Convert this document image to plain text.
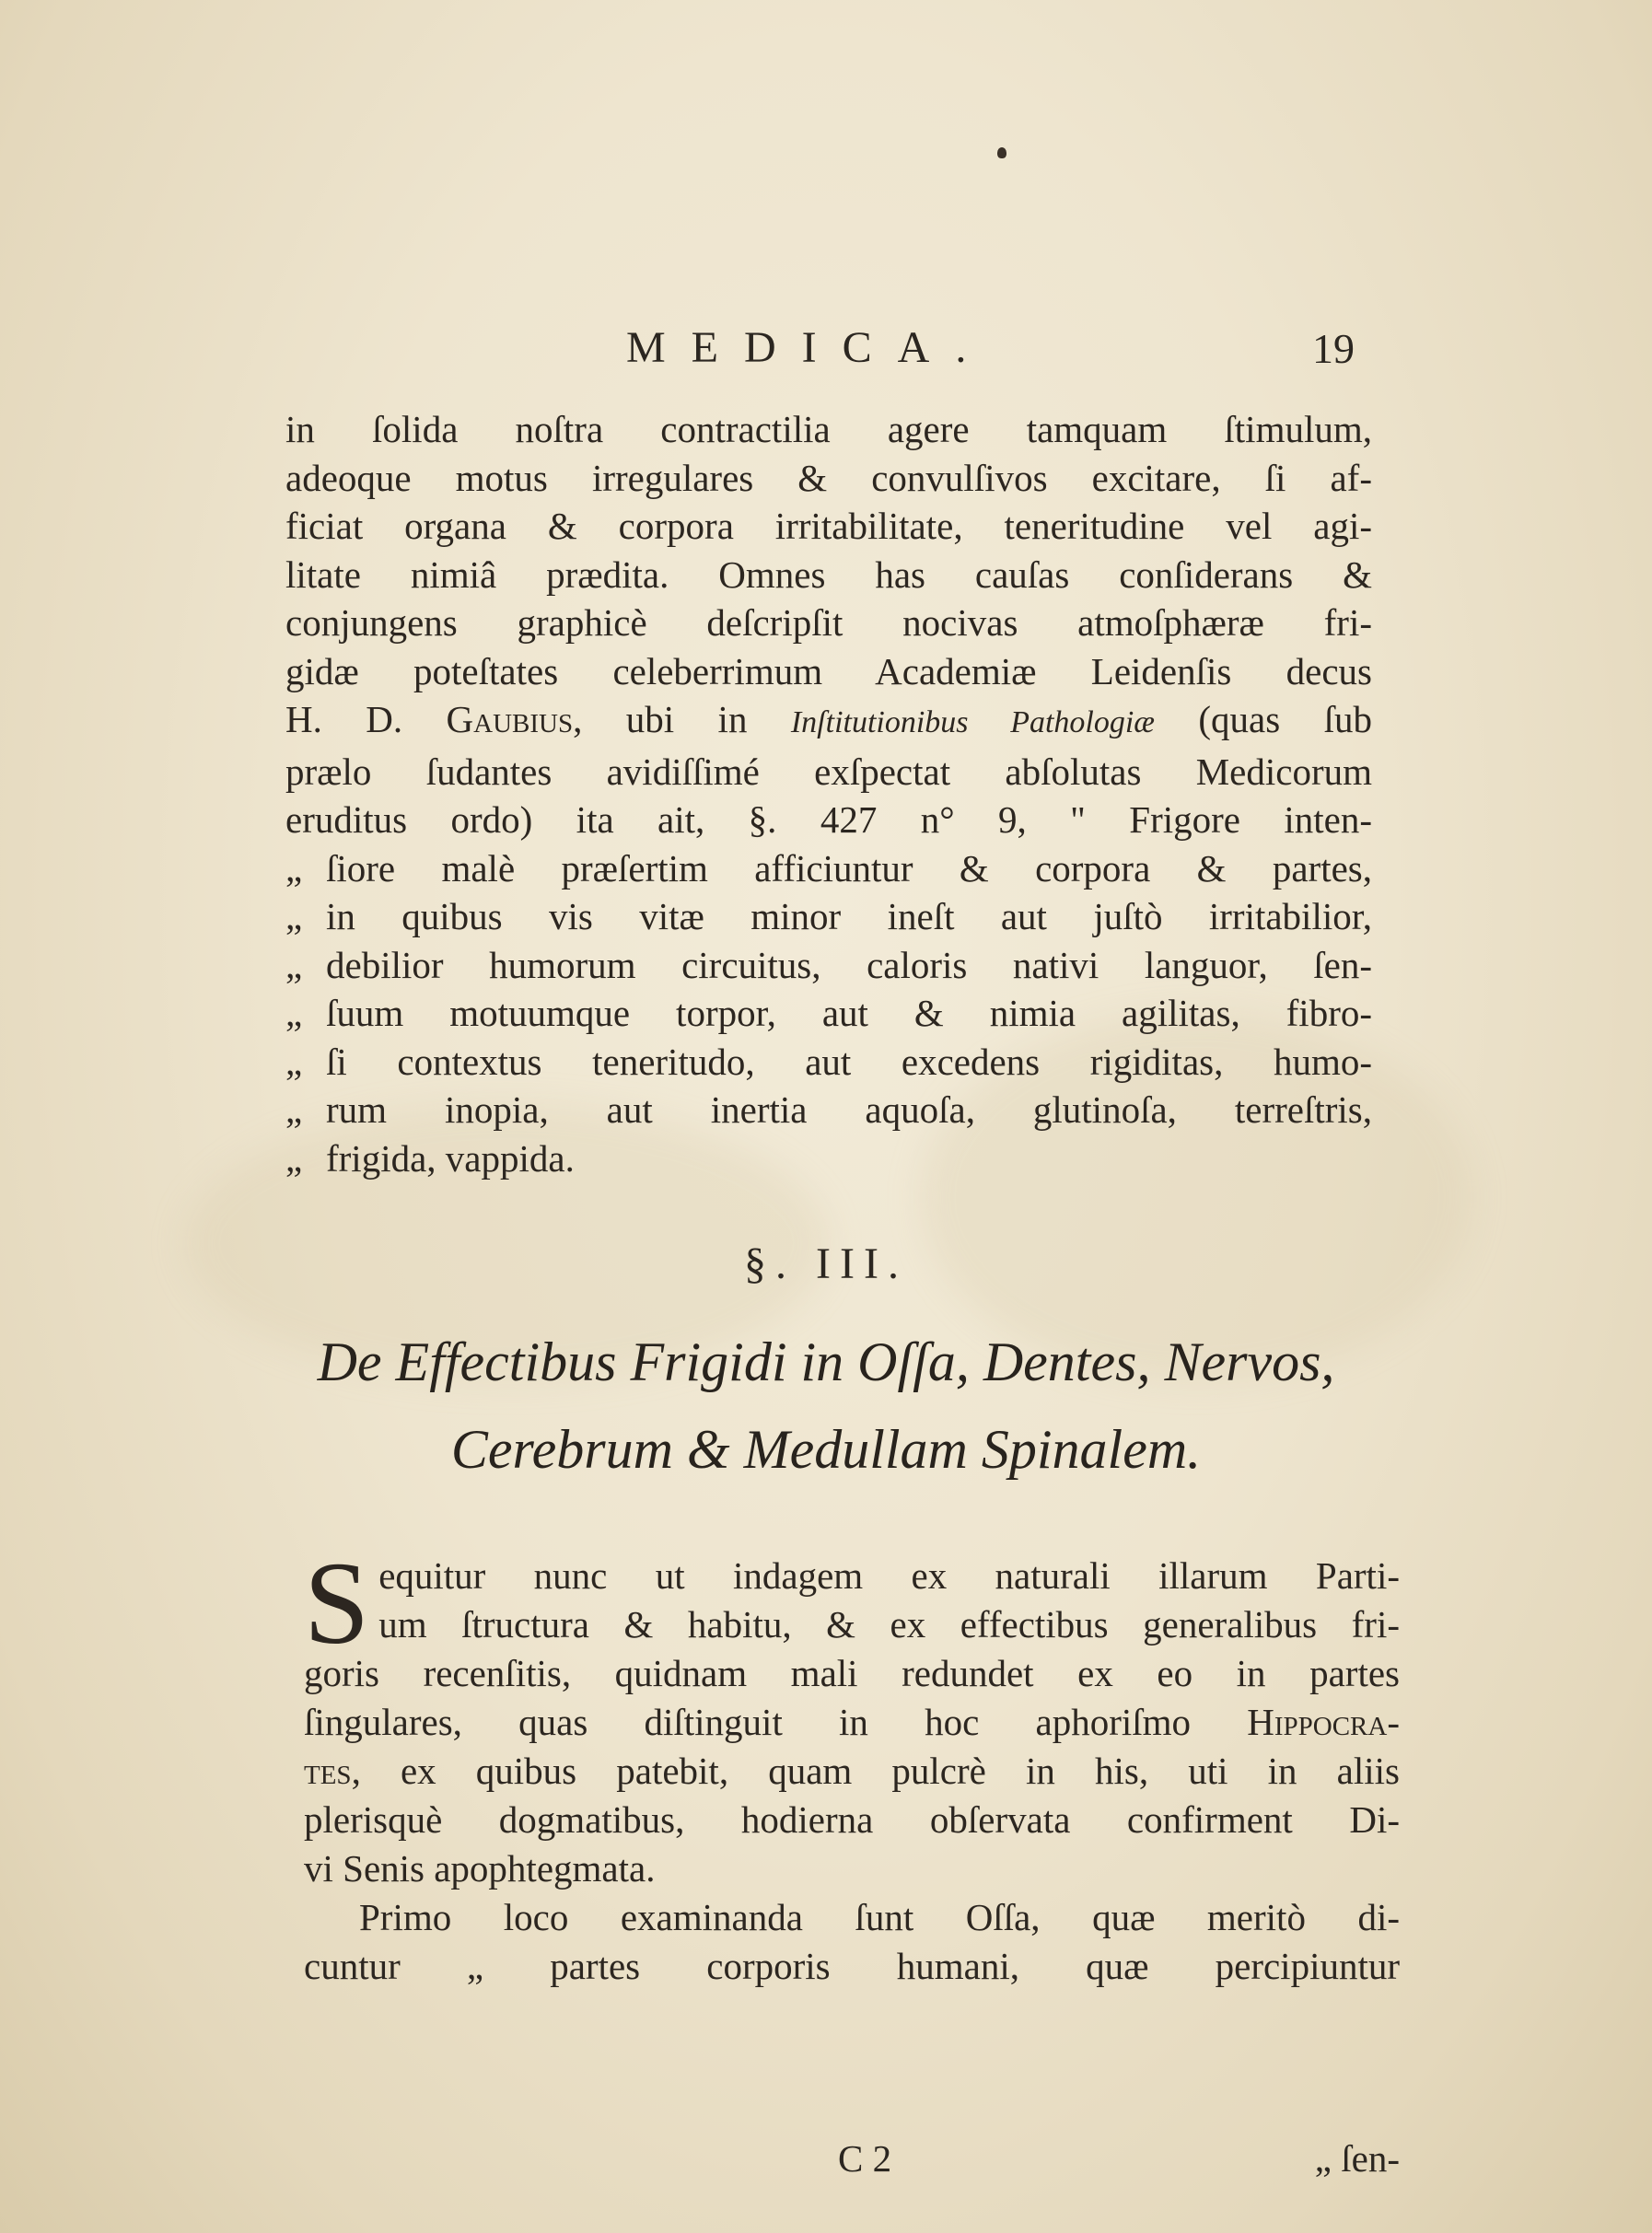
MEDICA.	19
in ſolida noſtra contractilia agere tamquam ſtimulum,
adeoque motus irregulares & convulſivos excitare, ſi af-
ficiat organa & corpora irritabilitate, teneritudine vel agi-
litate nimiâ prædita. Omnes has cauſas conſiderans &
conjungens graphicè deſcripſit nocivas atmoſphæræ fri-
gidæ poteſtates celeberrimum Academiæ Leidenſis decus
H. D. Gaubius, ubi in Inſtitutionibus Pathologiæ (quas ſub
prælo ſudantes avidiſſimé exſpectat abſolutas Medicorum
eruditus ordo) ita ait, §. 427 n° 9, " Frigore inten-
„ ſiore malè præſertim afficiuntur & corpora & partes,
„ in quibus vis vitæ minor ineſt aut juſtò irritabilior,
„ debilior humorum circuitus, caloris nativi languor, ſen-
„ ſuum motuumque torpor, aut & nimia agilitas, fibro-
„ ſi contextus teneritudo, aut excedens rigiditas, humo-
„ rum inopia, aut inertia aquoſa, glutinoſa, terreſtris,
„ frigida, vappida.
§. III.
De Effectibus Frigidi in Oſſa, Dentes, Nervos,
Cerebrum & Medullam Spinalem.
S equitur nunc ut indagem ex naturali illarum Parti-
um ſtructura & habitu, & ex effectibus generalibus fri-
goris recenſitis, quidnam mali redundet ex eo in partes
ſingulares, quas diſtinguit in hoc aphoriſmo Hippocra-
tes, ex quibus patebit, quam pulcrè in his, uti in aliis
plerisquè dogmatibus, hodierna obſervata confirment Di-
vi Senis apophtegmata.
Primo loco examinanda ſunt Oſſa, quæ meritò di-
cuntur „ partes corporis humani, quæ percipiuntur
C 2	„ ſen-
